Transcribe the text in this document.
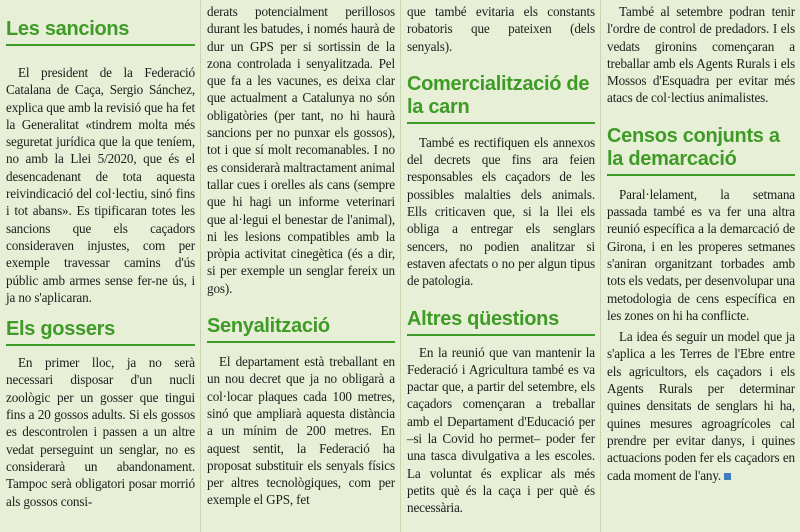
Les sancions

El president de la Federació Catalana de Caça, Sergio Sánchez, explica que amb la revisió que ha fet la Generalitat «tindrem molta més seguretat jurídica que la que teníem, no amb la Llei 5/2020, que és el desencadenant de tota aquesta reivindicació del col·lectiu, sinó fins i tot abans». Es tipificaran totes les sancions que els caçadors consideraven injustes, com per exemple travessar camins d'ús públic amb armes sense fer-ne ús, i ja no s'aplicaran.

Els gossers

En primer lloc, ja no serà necessari disposar d'un nucli zoològic per un gosser que tingui fins a 20 gossos adults. Si els gossos es descontrolen i passen a un altre vedat perseguint un senglar, no es considerarà un abandonament. Tampoc serà obligatori posar morrió als gossos consi-

derats potencialment perillosos durant les batudes, i només haurà de dur un GPS per si sortissin de la zona controlada i senyalitzada. Pel que fa a les vacunes, es deixa clar que actualment a Catalunya no són obligatòries (per tant, no hi haurà sancions per no punxar els gossos), tot i que sí molt recomanables. I no es considerarà maltractament animal tallar cues i orelles als cans (sempre que hi hagi un informe veterinari que al·legui el benestar de l'animal), ni les lesions compatibles amb la pròpia activitat cinegètica (és a dir, si per exemple un senglar fereix un gos).

Senyalització

El departament està treballant en un nou decret que ja no obligarà a col·locar plaques cada 100 metres, sinó que ampliarà aquesta distància a un mínim de 200 metres. En aquest sentit, la Federació ha proposat substituir els senyals físics per altres tecnològiques, com per exemple el GPS, fet

que també evitaria els constants robatoris que pateixen (dels senyals).

Comercialització de la carn

També es rectifiquen els annexos del decrets que fins ara feien responsables els caçadors de les possibles malalties dels animals. Ells criticaven que, si la llei els obliga a entregar els senglars sencers, no podien analitzar si estaven afectats o no per algun tipus de patologia.

Altres qüestions

En la reunió que van mantenir la Federació i Agricultura també es va pactar que, a partir del setembre, els caçadors començaran a treballar amb el Departament d'Educació per –si la Covid ho permet– poder fer una tasca divulgativa a les escoles. La voluntat és explicar als més petits què és la caça i per què és necessària.

També al setembre podran tenir l'ordre de control de predadors. I els vedats gironins començaran a treballar amb els Agents Rurals i els Mossos d'Esquadra per evitar més atacs de col·lectius animalistes.

Censos conjunts a la demarcació

Paral·lelament, la setmana passada també es va fer una altra reunió específica a la demarcació de Girona, i en les properes setmanes s'aniran organitzant torbades amb tots els vedats, per desenvolupar una metodologia de cens específica en les zones on hi ha conflicte.

La idea és seguir un model que ja s'aplica a les Terres de l'Ebre entre els agricultors, els caçadors i els Agents Rurals per determinar quines densitats de senglars hi ha, quines mesures agroagrícoles cal prendre per evitar danys, i quines actuacions poden fer els caçadors en cada moment de l'any.
